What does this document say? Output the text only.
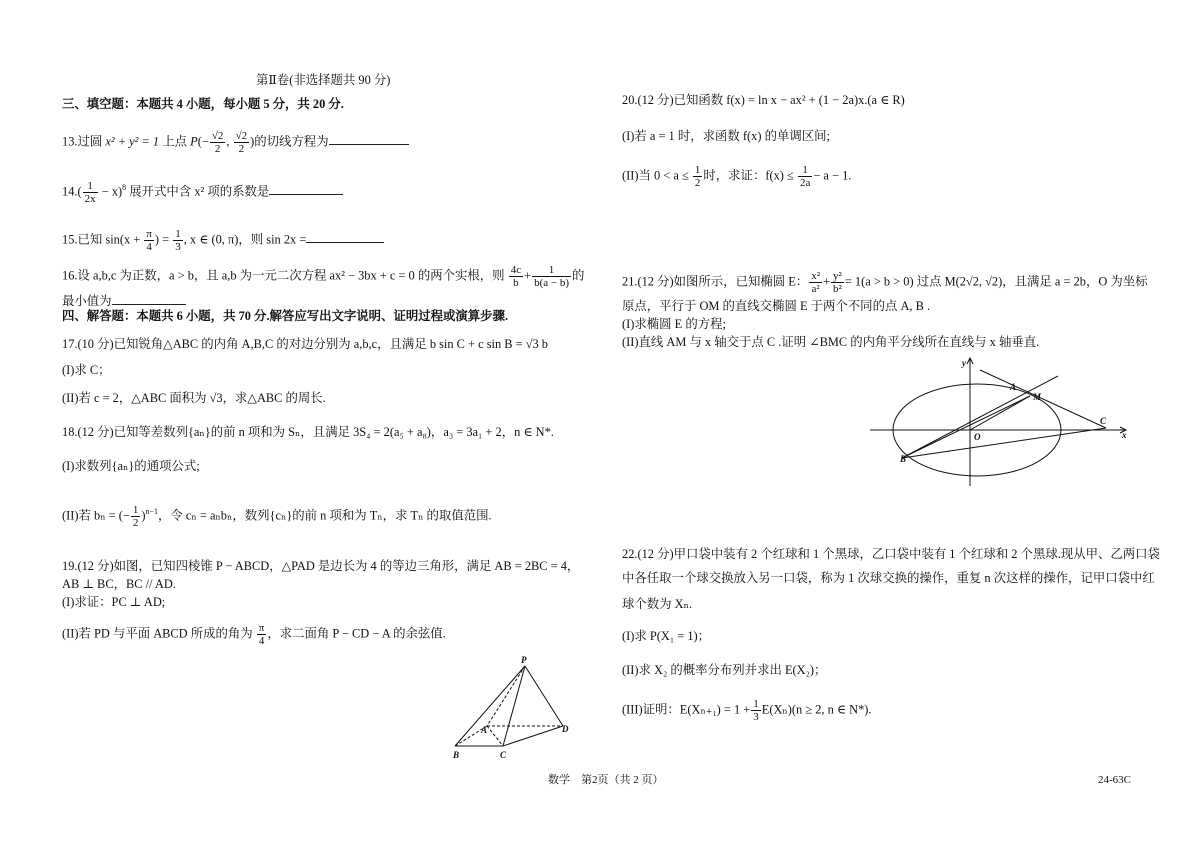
第Ⅱ卷(非选择题共 90 分)
三、填空题：本题共 4 小题，每小题 5 分，共 20 分.
13.过圆 x² + y² = 1 上点 $P(- \frac{√2}{2}$ , $\frac{√2}{2}$ )的切线方程为
$14.( \frac{1}{2x} - x)^8$ 展开式中含 x² 项的系数是
15.已知 $\sin(x + \frac{\pi}{4}$ ) = $\frac{1}{3}$ , x ∈ (0, π)，则 sin 2x =
16.设 a,b,c 为正数，a > b，且 a,b 为一元二次方程 ax² − 3bx + c = 0 的两个实根，则 $\frac{4c}{b} + \frac{1}{b(a - b)}$ 的
最小值为
四、解答题：本题共 6 小题，共 70 分.解答应写出文字说明、证明过程或演算步骤.
17.(10 分)已知锐角△ABC 的内角 A,B,C 的对边分别为 a,b,c，且满足 b sin C + c sin B = √3 b
(I)求 C；
(II)若 c = 2，△ABC 面积为 √3，求△ABC 的周长.
18.(12 分)已知等差数列{aₙ}的前 n 项和为 Sₙ，且满足 3S₄ = 2(a₅ + a₈)，a₃ = 3a₁ + 2，n ∈ N*.
(I)求数列{aₙ}的通项公式;
(II)若 bₙ = (− $\frac{1}{2} )^{n-1}$，令 cₙ = aₙbₙ，数列{cₙ}的前 n 项和为 Tₙ，求 Tₙ 的取值范围.
19.(12 分)如图，已知四棱锥 P − ABCD，△PAD 是边长为 4 的等边三角形，满足 AB = 2BC = 4，
AB ⊥ BC，BC // AD.
(I)求证：PC ⊥ AD;
(II)若 PD 与平面 ABCD 所成的角为 $\frac{\pi}{4}$ ，求二面角 P − CD − A 的余弦值.
P
A
B	C
D
20.(12 分)已知函数 f(x) = ln x − ax² + (1 − 2a)x.(a ∈ R)
(I)若 a = 1 时，求函数 f(x) 的单调区间;
(II)当 $0 < a \le \frac{1}{2}$ 时，求证：$f(x) \le \frac{1}{2a} - a - 1$.
21.(12 分)如图所示，已知椭圆 E： $\frac{\text{x²}}{\text{a²}} + \frac{\text{y²}}{\text{b²}} = 1(a > b > 0)$ 过点 M(2√2, √2)，且满足 a = 2b，O 为坐标
原点，平行于 OM 的直线交椭圆 E 于两个不同的点 A, B .
(I)求椭圆 E 的方程;
(II)直线 AM 与 x 轴交于点 C .证明 ∠BMC 的内角平分线所在直线与 x 轴垂直.
y
A
M
O
C
x
B
22.(12 分)甲口袋中装有 2 个红球和 1 个黑球，乙口袋中装有 1 个红球和 2 个黑球.现从甲、乙两口袋
中各任取一个球交换放入另一口袋，称为 1 次球交换的操作，重复 n 次这样的操作，记甲口袋中红
球个数为 Xₙ.
(I)求 P(X₁ = 1)；
(II)求 X₂ 的概率分布列并求出 E(X₂)；
(III)证明：$E(X_{n+1}) = 1 + \frac{1}{3} E(X_n)(n \ge 2$, n ∈ N*).
数学　第2页（共 2 页）	24-63C
